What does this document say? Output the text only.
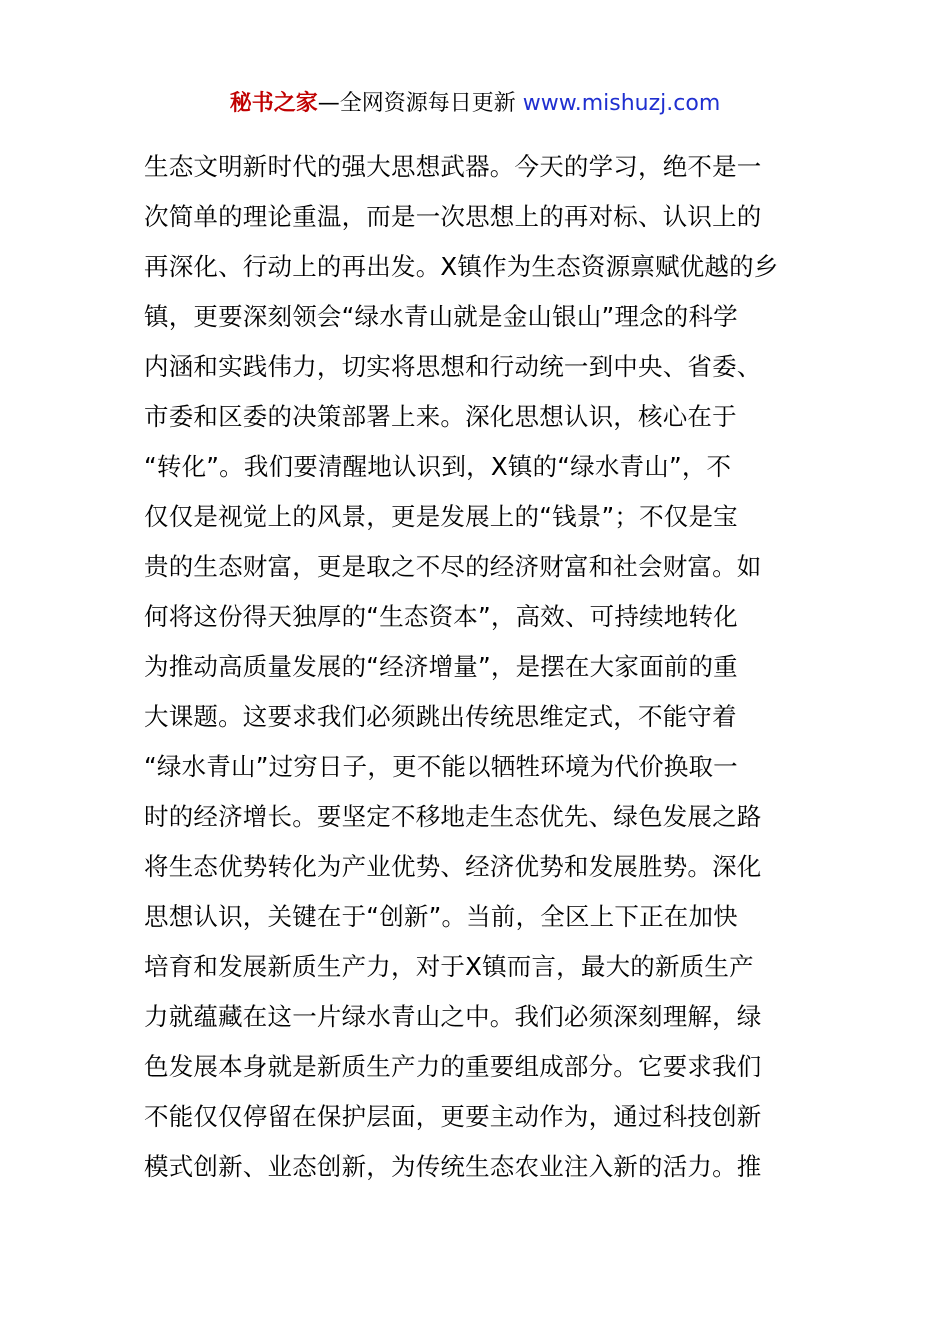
秘书之家—全网资源每日更新 www.mishuzj.com
生态文明新时代的强大思想武器。今天的学习，绝不是一
次简单的理论重温，而是一次思想上的再对标、认识上的
再深化、行动上的再出发。X镇作为生态资源禀赋优越的乡
镇，更要深刻领会“绿水青山就是金山银山”理念的科学
内涵和实践伟力，切实将思想和行动统一到中央、省委、
市委和区委的决策部署上来。深化思想认识，核心在于
“转化”。我们要清醒地认识到，X镇的“绿水青山”，不
仅仅是视觉上的风景，更是发展上的“钱景”；不仅是宝
贵的生态财富，更是取之不尽的经济财富和社会财富。如
何将这份得天独厚的“生态资本”，高效、可持续地转化
为推动高质量发展的“经济增量”，是摆在大家面前的重
大课题。这要求我们必须跳出传统思维定式，不能守着
“绿水青山”过穷日子，更不能以牺牲环境为代价换取一
时的经济增长。要坚定不移地走生态优先、绿色发展之路
将生态优势转化为产业优势、经济优势和发展胜势。深化
思想认识，关键在于“创新”。当前，全区上下正在加快
培育和发展新质生产力，对于X镇而言，最大的新质生产
力就蕴藏在这一片绿水青山之中。我们必须深刻理解，绿
色发展本身就是新质生产力的重要组成部分。它要求我们
不能仅仅停留在保护层面，更要主动作为，通过科技创新
模式创新、业态创新，为传统生态农业注入新的活力。推
